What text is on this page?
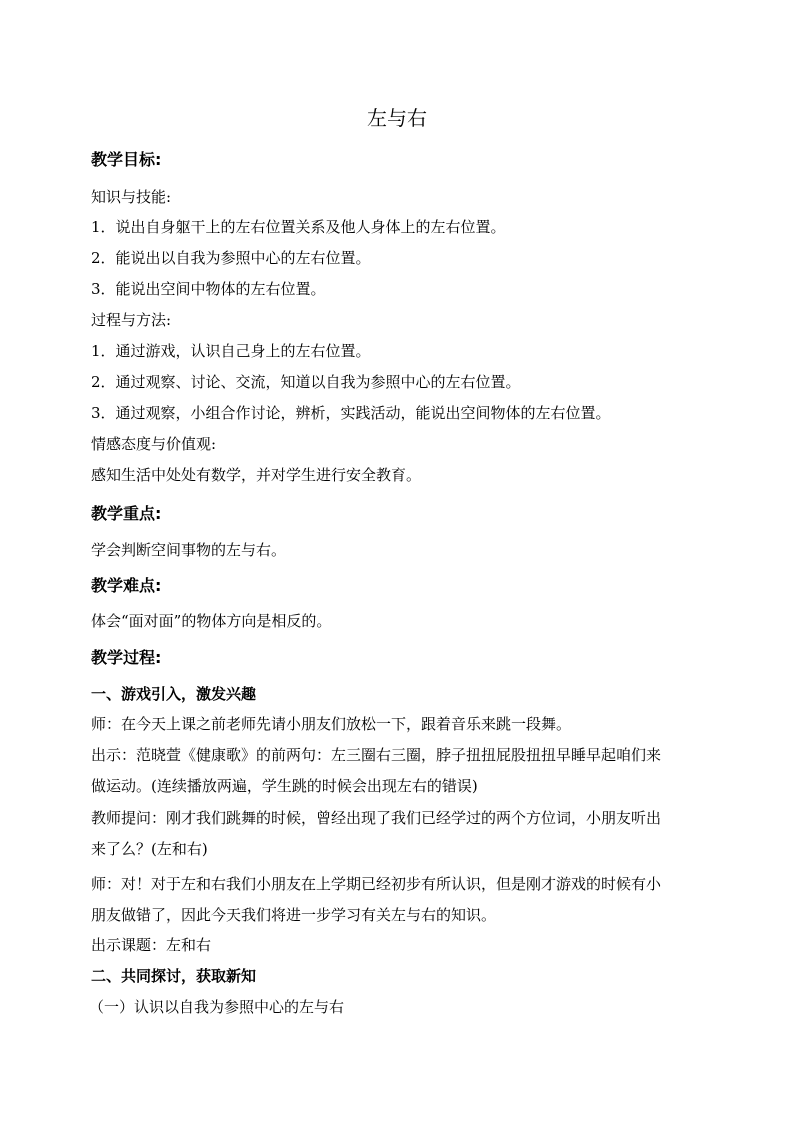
左与右
教学目标:
知识与技能:
1．说出自身躯干上的左右位置关系及他人身体上的左右位置。
2．能说出以自我为参照中心的左右位置。
3．能说出空间中物体的左右位置。
过程与方法:
1．通过游戏，认识自己身上的左右位置。
2．通过观察、讨论、交流，知道以自我为参照中心的左右位置。
3．通过观察，小组合作讨论，辨析，实践活动，能说出空间物体的左右位置。
情感态度与价值观:
感知生活中处处有数学，并对学生进行安全教育。
教学重点:
学会判断空间事物的左与右。
教学难点:
体会“面对面”的物体方向是相反的。
教学过程:
一、游戏引入，激发兴趣
师：在今天上课之前老师先请小朋友们放松一下，跟着音乐来跳一段舞。
出示：范晓萱《健康歌》的前两句：左三圈右三圈，脖子扭扭屁股扭扭早睡早起咱们来
做运动。(连续播放两遍，学生跳的时候会出现左右的错误)
教师提问：刚才我们跳舞的时候，曾经出现了我们已经学过的两个方位词，小朋友听出
来了么？(左和右)
师：对！对于左和右我们小朋友在上学期已经初步有所认识，但是刚才游戏的时候有小
朋友做错了，因此今天我们将进一步学习有关左与右的知识。
出示课题：左和右
二、共同探讨，获取新知
（一）认识以自我为参照中心的左与右
